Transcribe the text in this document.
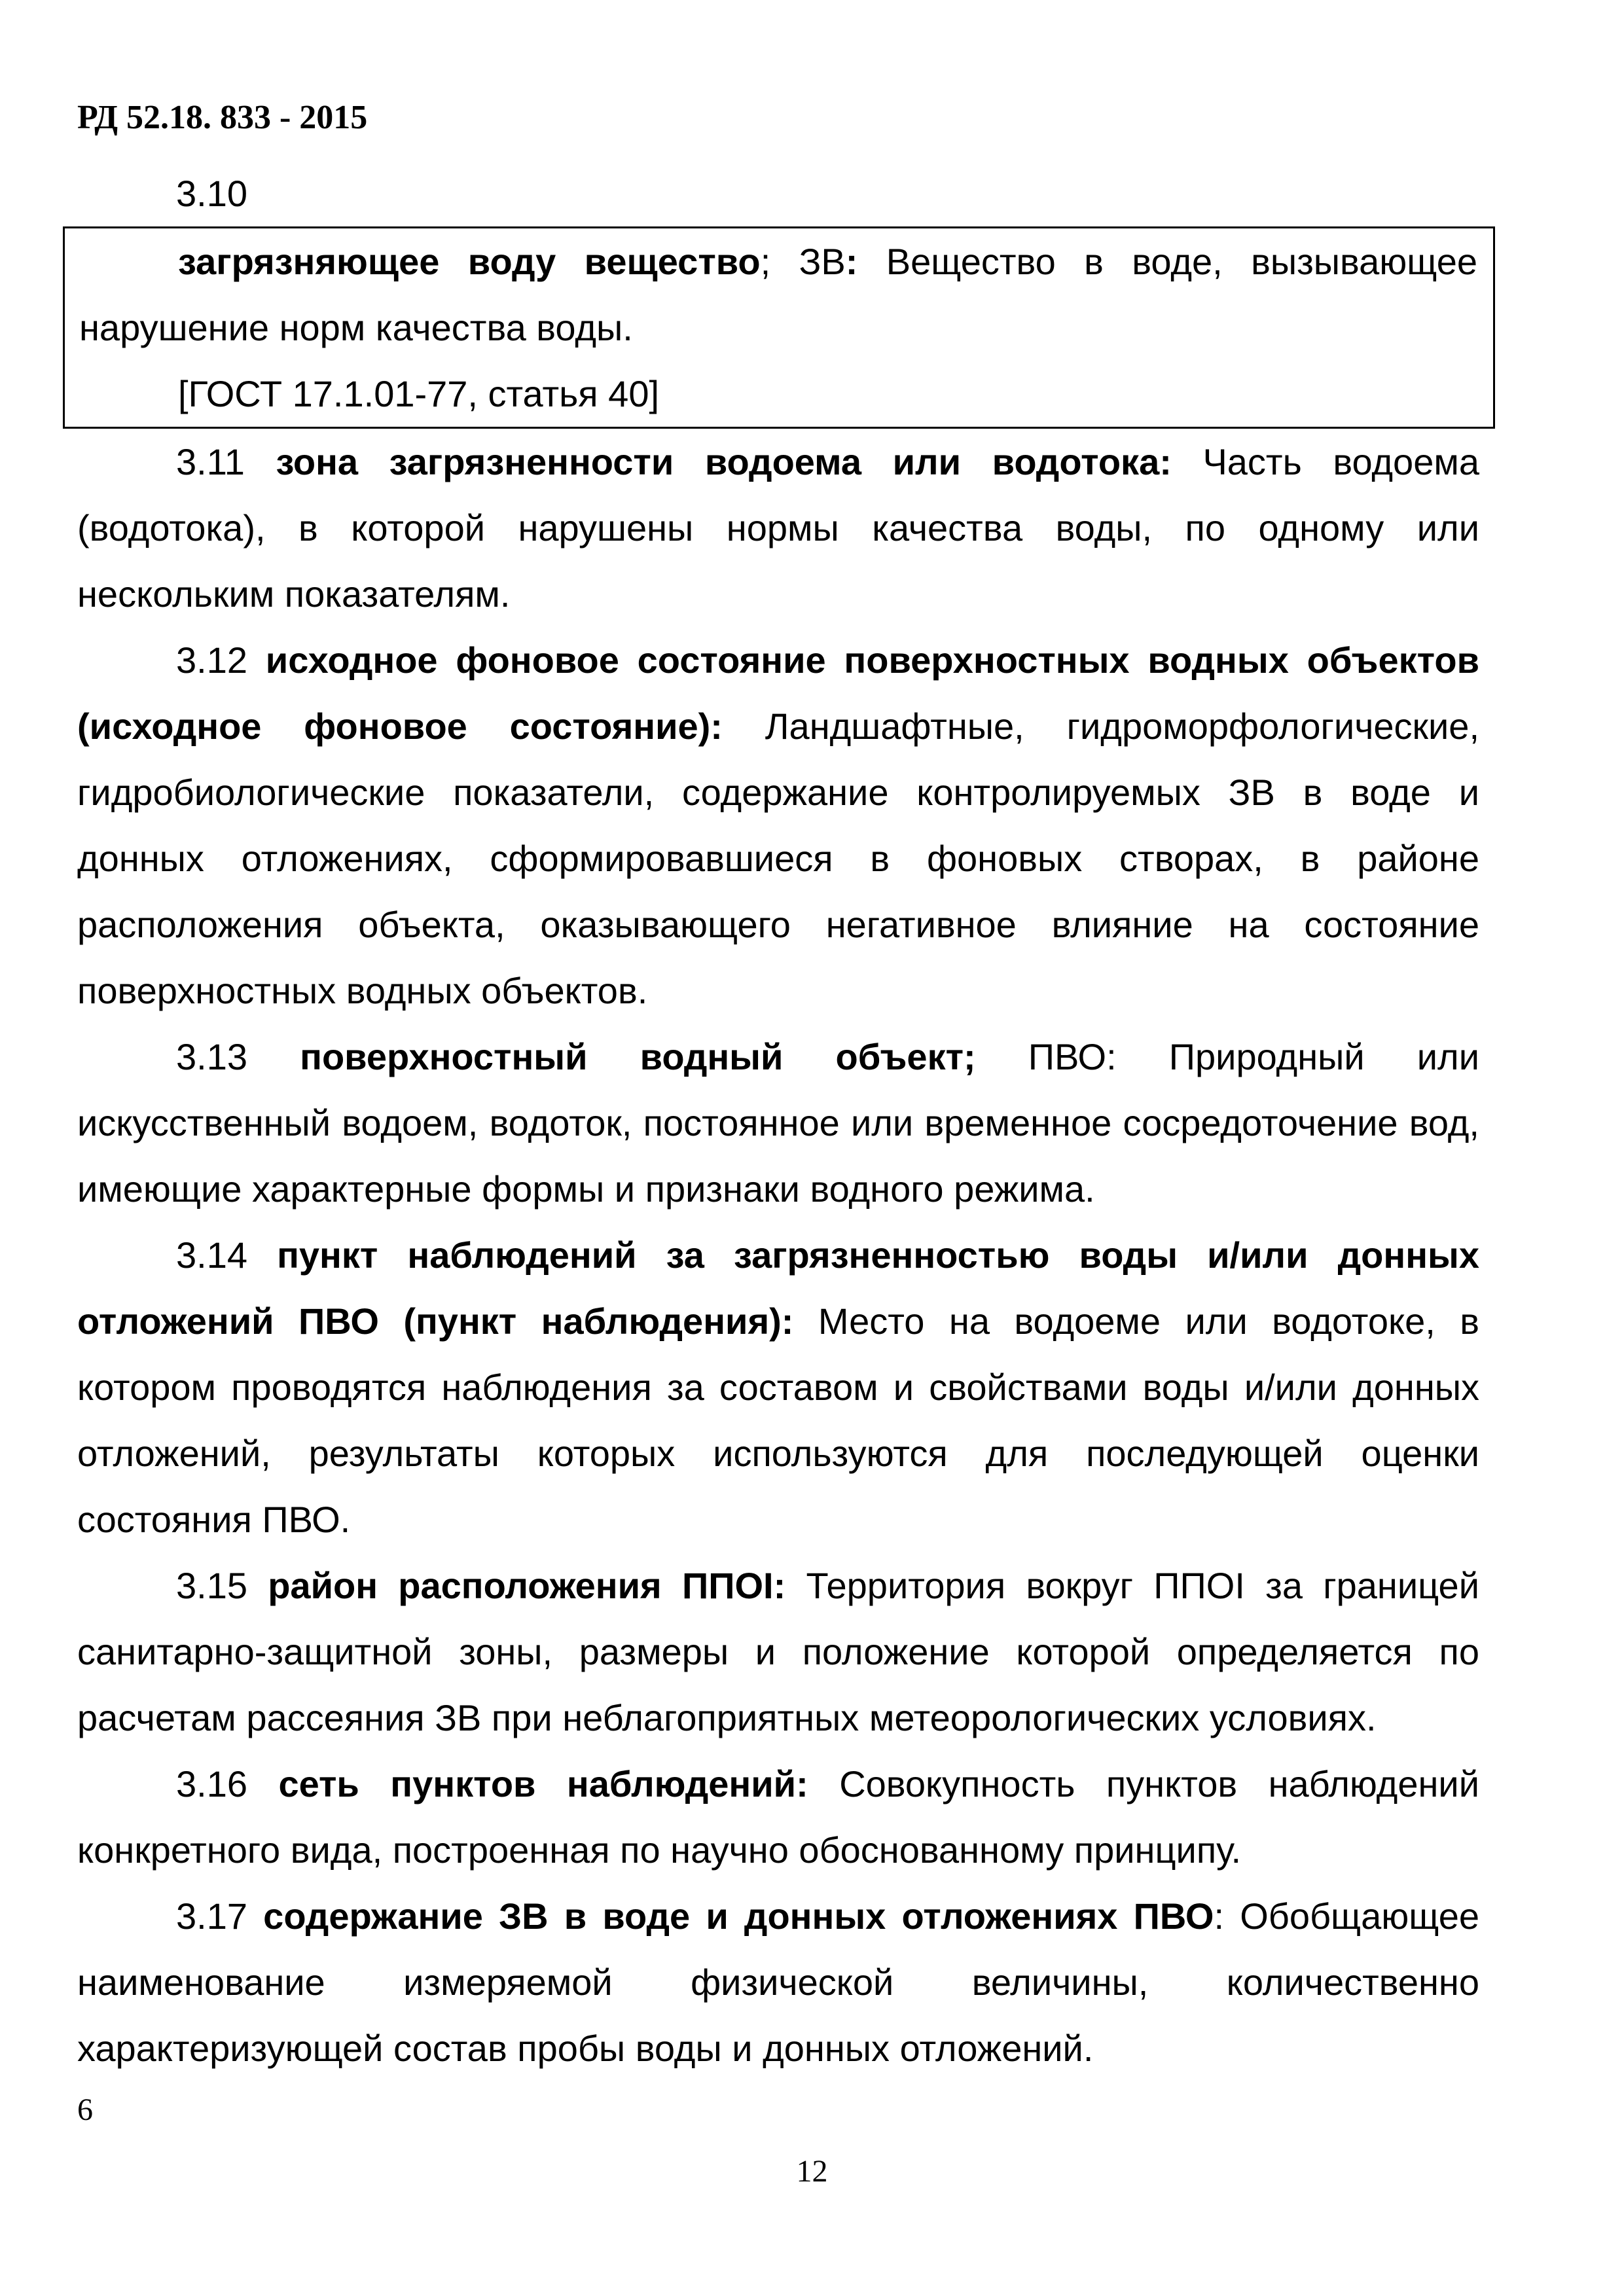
РД 52.18. 833 - 2015

3.10

загрязняющее воду вещество; ЗВ: Вещество в воде, вызывающее нарушение норм качества воды.

[ГОСТ 17.1.01-77, статья 40]

3.11 зона загрязненности водоема или водотока: Часть водоема (водотока), в которой нарушены нормы качества воды, по одному или нескольким показателям.

3.12 исходное фоновое состояние поверхностных водных объектов (исходное фоновое состояние): Ландшафтные, гидроморфологические, гидробиологические показатели, содержание контролируемых ЗВ в воде и донных отложениях, сформировавшиеся в фоновых створах, в районе расположения объекта, оказывающего негативное влияние на состояние поверхностных водных объектов.

3.13 поверхностный водный объект; ПВО: Природный или искусственный водоем, водоток, постоянное или временное сосредоточение вод, имеющие характерные формы и признаки водного режима.

3.14 пункт наблюдений за загрязненностью воды и/или донных отложений ПВО (пункт наблюдения): Место на водоеме или водотоке, в котором проводятся наблюдения за составом и свойствами воды и/или донных отложений, результаты которых используются для последующей оценки состояния ПВО.

3.15 район расположения ППОI: Территория вокруг ППОI за границей санитарно-защитной зоны, размеры и положение которой определяется по расчетам рассеяния ЗВ при неблагоприятных метеорологических условиях.

3.16 сеть пунктов наблюдений: Совокупность пунктов наблюдений конкретного вида, построенная по научно обоснованному принципу.

3.17 содержание ЗВ в воде и донных отложениях ПВО: Обобщающее наименование измеряемой физической величины, количественно характеризующей состав пробы воды и донных отложений.

6
12
